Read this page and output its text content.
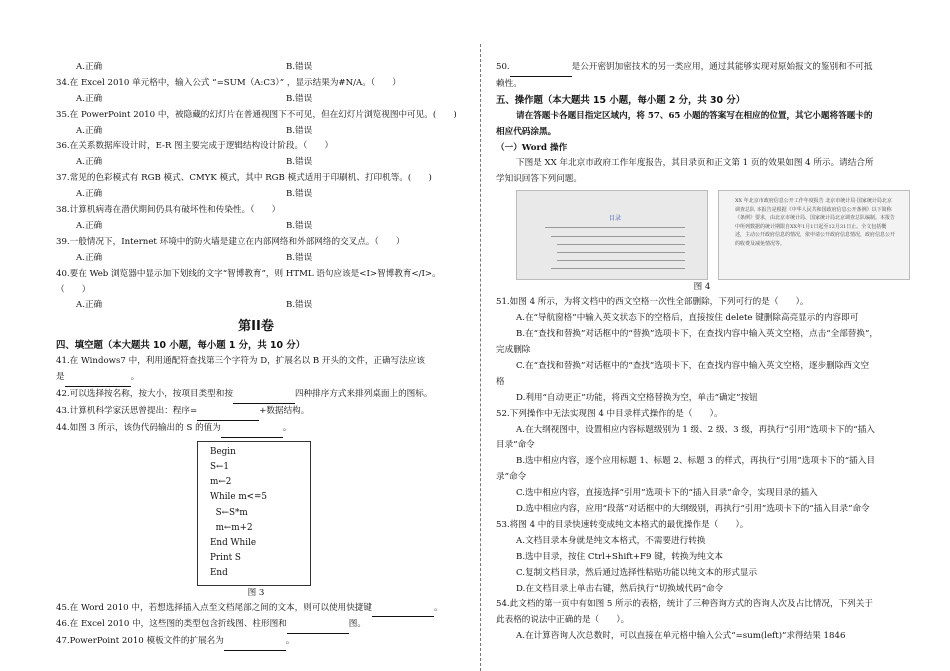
A.正确	B.错误

34.在 Excel 2010 单元格中，输入公式 “=SUM（A:C3）” ，显示结果为#N/A。（　　）

A.正确	B.错误

35.在 PowerPoint 2010 中，被隐藏的幻灯片在普通视图下不可见，但在幻灯片浏览视图中可见。(　　)

A.正确	B.错误

36.在关系数据库设计时，E-R 图主要完成于逻辑结构设计阶段。（　　）

A.正确	B.错误

37.常见的色彩模式有 RGB 模式、CMYK 模式，其中 RGB 模式适用于印刷机、打印机等。(　　)

A.正确	B.错误

38.计算机病毒在潜伏期间仍具有破坏性和传染性。（　　）

A.正确	B.错误

39.一般情况下，Internet 环境中的防火墙是建立在内部网络和外部网络的交叉点。（　　）

A.正确	B.错误

40.要在 Web 浏览器中显示加下划线的文字“智博教育”，则 HTML 语句应该是<I>智博教育</I>。

（　　）

A.正确	B.错误
第II卷
四、填空题（本大题共 10 小题，每小题 1 分，共 10 分）

41.在 Windows7 中，利用通配符查找第三个字符为 D，扩展名以 B 开头的文件，正确写法应该

是	。

42.可以选择按名称，按大小，按项目类型和按	四种排序方式来排列桌面上的图标。

43.计算机科学家沃思曾提出：程序=	+数据结构。

44.如图 3 所示，该伪代码输出的 S 的值为	。

Begin
S←1
m←2
While m<=5
S←S*m
m←m+2
End While
Print S
End

图 3

45.在 Word 2010 中，若想选择插入点至文档尾部之间的文本，则可以使用快捷键	。

46.在 Excel 2010 中，这些图的类型包含折线图、柱形图和	图。

47.PowerPoint 2010 模板文件的扩展名为	。

50.	是公开密钥加密技术的另一类应用，通过其能够实现对原始报文的鉴别和不可抵

赖性。

五、操作题（本大题共 15 小题，每小题 2 分，共 30 分）

请在答题卡各题目指定区域内，将 57、65 小题的答案写在相应的位置，其它小题将答题卡的

相应代码涂黑。

（一）Word 操作

下图是 XX 年北京市政府工作年度报告，其目录页和正文第 1 页的效果如图 4 所示。请结合所

学知识回答下列问题。

目录
XX 年北京市政府信息公开工作年度报告 北京市统计局·国家统计局北京调查总队 本报告是根据《中华人民共和国政府信息公开条例》以下简称《条例》要求，由北京市统计局、国家统计局北京调查总队编制。本报告中所列数据的统计期限自XX年1月1日起至12月31日止。全文包括概述，主动公开政府信息的情况，依申请公开政府信息情况，政府信息公开的收费及减免情况等。

图 4

51.如图 4 所示，为将文档中的西文空格一次性全部删除，下列可行的是（　　）。

A.在“导航窗格”中输入英文状态下的空格后，直接按住 delete 键删除高亮显示的内容即可

B.在“查找和替换”对话框中的“替换”选项卡下，在查找内容中输入英文空格，点击“全部替换”，

完成删除

C.在“查找和替换”对话框中的“查找”选项卡下，在查找内容中输入英文空格，逐步删除西文空

格

D.利用“自动更正”功能，将西文空格替换为空，单击“确定”按钮

52.下列操作中无法实现图 4 中目录样式操作的是（　　）。

A.在大纲视图中，设置相应内容标题级别为 1 级、2 级、3 级，再执行“引用”选项卡下的“插入

目录”命令

B.选中相应内容，逐个应用标题 1、标题 2、标题 3 的样式，再执行“引用”选项卡下的“插入目

录”命令

C.选中相应内容，直接选择“引用”选项卡下的“插入目录”命令，实现目录的插入

D.选中相应内容，应用“段落”对话框中的大纲级别，再执行“引用”选项卡下的“插入目录”命令

53.将图 4 中的目录快速转变成纯文本格式的最优操作是（　　）。

A.文档目录本身就是纯文本格式，不需要进行转换

B.选中目录，按住 Ctrl+Shift+F9 键，转换为纯文本

C.复制文档目录，然后通过选择性粘贴功能以纯文本的形式显示

D.在文档目录上单击右键，然后执行“切换域代码”命令

54.此文档的第一页中有如图 5 所示的表格，统计了三种咨询方式的咨询人次及占比情况，下列关于

此表格的说法中正确的是（　　）。

A.在计算咨询人次总数时，可以直接在单元格中输入公式“=sum(left)”求得结果 1846
